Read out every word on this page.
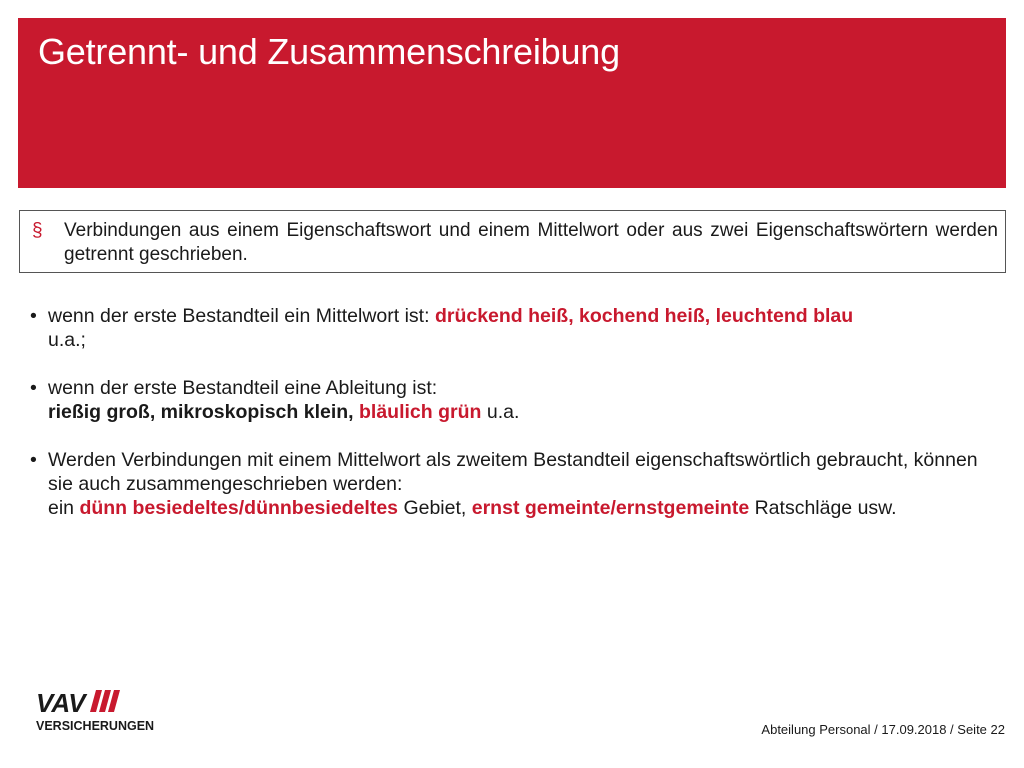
Getrennt- und Zusammenschreibung
§ Verbindungen aus einem Eigenschaftswort und einem Mittelwort oder aus zwei Eigenschaftswörtern werden getrennt geschrieben.

• wenn der erste Bestandteil ein Mittelwort ist: drückend heiß, kochend heiß, leuchtend blau
u.a.;
• wenn der erste Bestandteil eine Ableitung ist:
rießig groß, mikroskopisch klein, bläulich grün u.a.
• Werden Verbindungen mit einem Mittelwort als zweitem Bestandteil eigenschaftswörtlich gebraucht, können sie auch zusammengeschrieben werden:
ein dünn besiedeltes/dünnbesiedeltes Gebiet, ernst gemeinte/ernstgemeinte Ratschläge usw.
VAV
VERSICHERUNGEN	Abteilung Personal / 17.09.2018 / Seite 22
